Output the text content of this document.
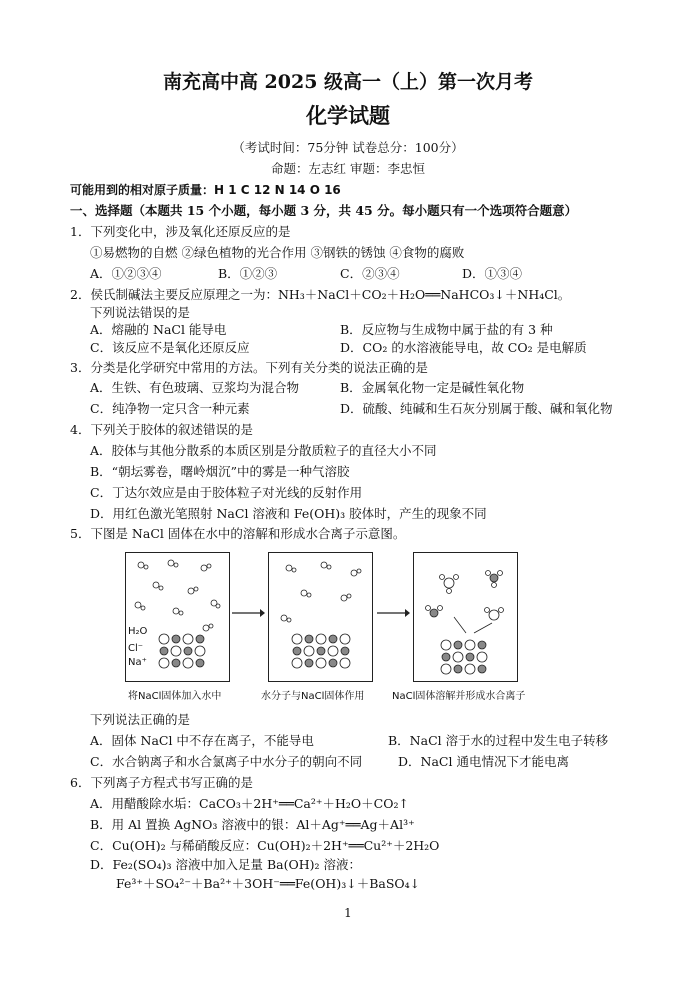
南充高中高 2025 级高一（上）第一次月考
化学试题
（考试时间：75分钟 试卷总分：100分）
命题：左志红 审题：李忠恒
可能用到的相对原子质量：H 1 C 12 N 14 O 16
一、选择题（本题共 15 个小题，每小题 3 分，共 45 分。每小题只有一个选项符合题意）
1．下列变化中，涉及氧化还原反应的是
①易燃物的自燃 ②绿色植物的光合作用 ③钢铁的锈蚀 ④食物的腐败
A．①②③④	B．①②③	C．②③④	D．①③④
2．侯氏制碱法主要反应原理之一为：NH₃＋NaCl＋CO₂＋H₂O══NaHCO₃↓＋NH₄Cl。
下列说法错误的是
A．熔融的 NaCl 能导电	B．反应物与生成物中属于盐的有 3 种
C．该反应不是氧化还原反应	D．CO₂ 的水溶液能导电，故 CO₂ 是电解质
3．分类是化学研究中常用的方法。下列有关分类的说法正确的是
A．生铁、有色玻璃、豆浆均为混合物	B．金属氧化物一定是碱性氧化物
C．纯净物一定只含一种元素	D．硫酸、纯碱和生石灰分别属于酸、碱和氧化物
4．下列关于胶体的叙述错误的是
A．胶体与其他分散系的本质区别是分散质粒子的直径大小不同
B．“朝坛雾卷，曙岭烟沉”中的雾是一种气溶胶
C．丁达尔效应是由于胶体粒子对光线的反射作用
D．用红色激光笔照射 NaCl 溶液和 Fe(OH)₃ 胶体时，产生的现象不同
5．下图是 NaCl 固体在水中的溶解和形成水合离子示意图。
H₂O
Cl⁻
Na⁺
将NaCl固体加入水中	水分子与NaCl固体作用	NaCl固体溶解并形成水合离子
下列说法正确的是
A．固体 NaCl 中不存在离子，不能导电	B．NaCl 溶于水的过程中发生电子转移
C．水合钠离子和水合氯离子中水分子的朝向不同	D．NaCl 通电情况下才能电离
6．下列离子方程式书写正确的是
A．用醋酸除水垢：CaCO₃＋2H⁺══Ca²⁺＋H₂O＋CO₂↑
B．用 Al 置换 AgNO₃ 溶液中的银：Al＋Ag⁺══Ag＋Al³⁺
C．Cu(OH)₂ 与稀硝酸反应：Cu(OH)₂＋2H⁺══Cu²⁺＋2H₂O
D．Fe₂(SO₄)₃ 溶液中加入足量 Ba(OH)₂ 溶液：
Fe³⁺＋SO₄²⁻＋Ba²⁺＋3OH⁻══Fe(OH)₃↓＋BaSO₄↓
1
